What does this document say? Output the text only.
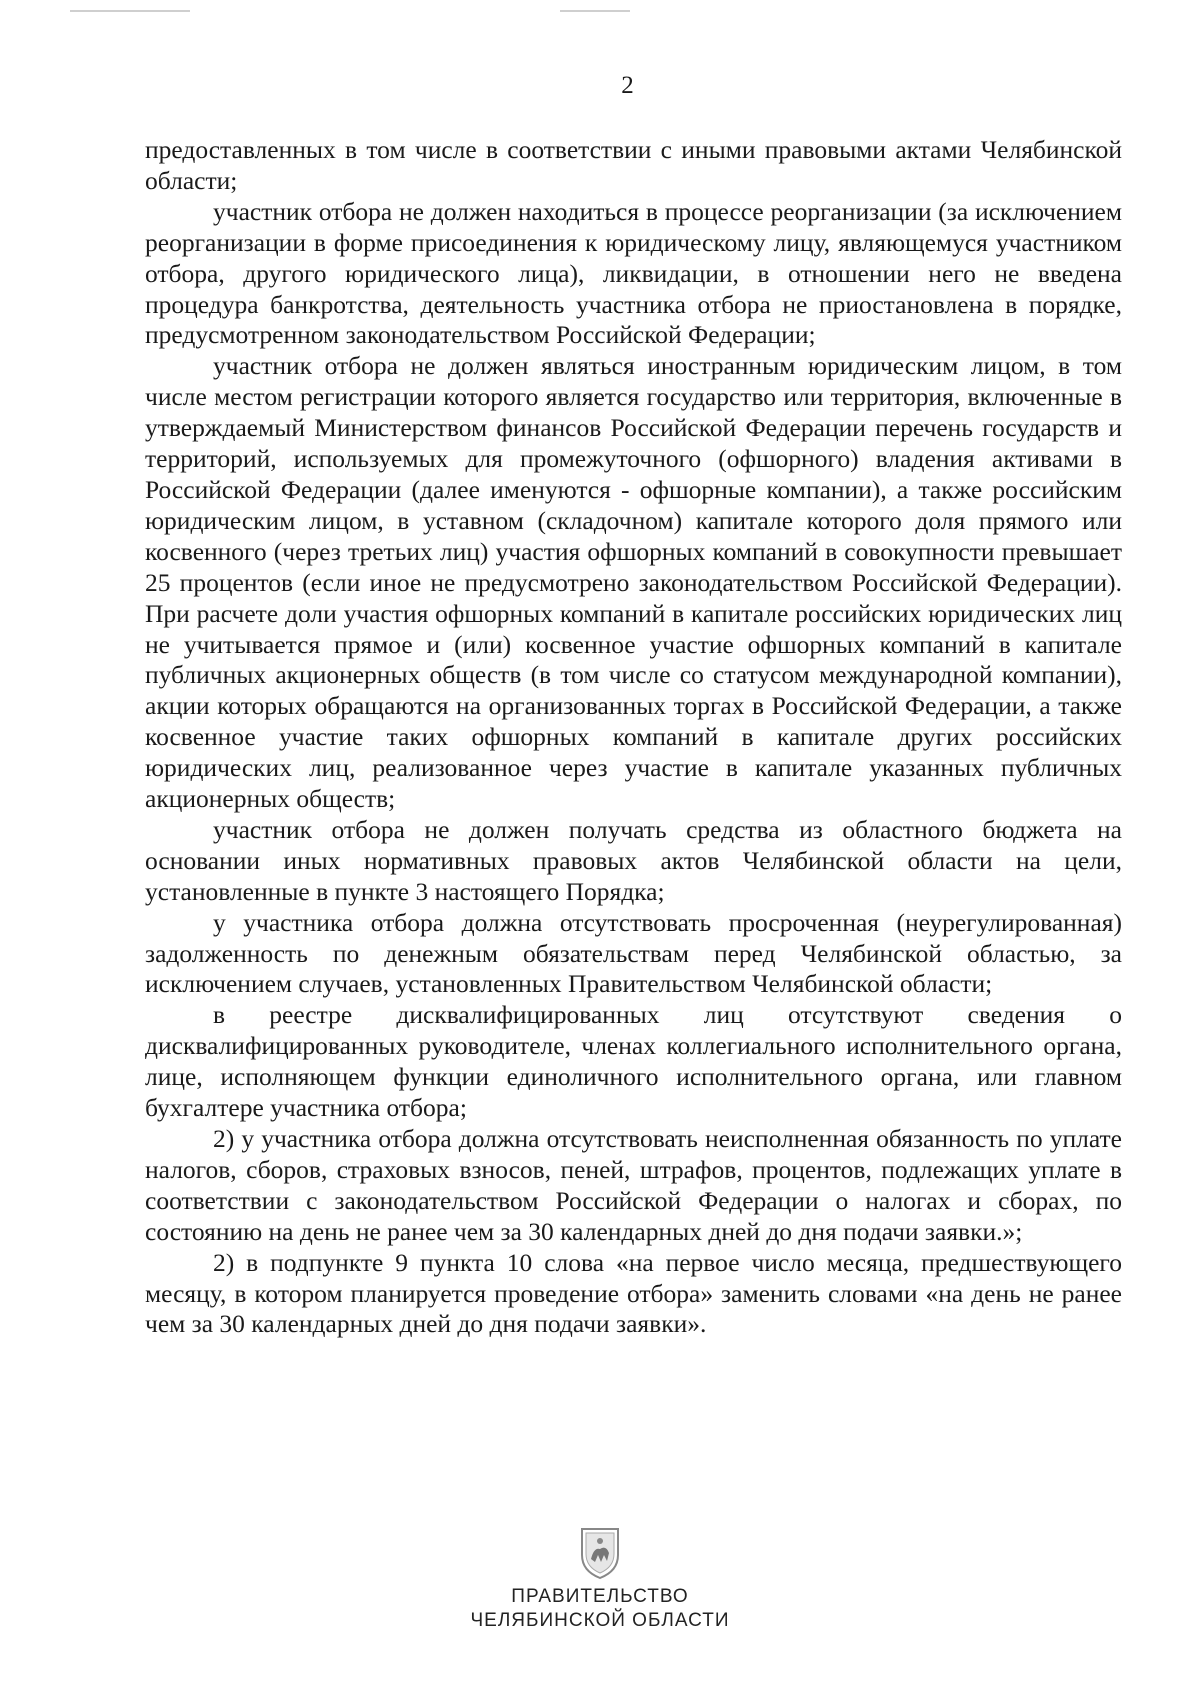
2

предоставленных в том числе в соответствии с иными правовыми актами Челябинской области;

участник отбора не должен находиться в процессе реорганизации (за исключением реорганизации в форме присоединения к юридическому лицу, являющемуся участником отбора, другого юридического лица), ликвидации, в отношении него не введена процедура банкротства, деятельность участника отбора не приостановлена в порядке, предусмотренном законодательством Российской Федерации;

участник отбора не должен являться иностранным юридическим лицом, в том числе местом регистрации которого является государство или территория, включенные в утверждаемый Министерством финансов Российской Федерации перечень государств и территорий, используемых для промежуточного (офшорного) владения активами в Российской Федерации (далее именуются - офшорные компании), а также российским юридическим лицом, в уставном (складочном) капитале которого доля прямого или косвенного (через третьих лиц) участия офшорных компаний в совокупности превышает 25 процентов (если иное не предусмотрено законодательством Российской Федерации). При расчете доли участия офшорных компаний в капитале российских юридических лиц не учитывается прямое и (или) косвенное участие офшорных компаний в капитале публичных акционерных обществ (в том числе со статусом международной компании), акции которых обращаются на организованных торгах в Российской Федерации, а также косвенное участие таких офшорных компаний в капитале других российских юридических лиц, реализованное через участие в капитале указанных публичных акционерных обществ;

участник отбора не должен получать средства из областного бюджета на основании иных нормативных правовых актов Челябинской области на цели, установленные в пункте 3 настоящего Порядка;

у участника отбора должна отсутствовать просроченная (неурегулированная) задолженность по денежным обязательствам перед Челябинской областью, за исключением случаев, установленных Правительством Челябинской области;

в реестре дисквалифицированных лиц отсутствуют сведения о дисквалифицированных руководителе, членах коллегиального исполнительного органа, лице, исполняющем функции единоличного исполнительного органа, или главном бухгалтере участника отбора;

2) у участника отбора должна отсутствовать неисполненная обязанность по уплате налогов, сборов, страховых взносов, пеней, штрафов, процентов, подлежащих уплате в соответствии с законодательством Российской Федерации о налогах и сборах, по состоянию на день не ранее чем за 30 календарных дней до дня подачи заявки.»;

2) в подпункте 9 пункта 10 слова «на первое число месяца, предшествующего месяцу, в котором планируется проведение отбора» заменить словами «на день не ранее чем за 30 календарных дней до дня подачи заявки».

ПРАВИТЕЛЬСТВО
ЧЕЛЯБИНСКОЙ ОБЛАСТИ
